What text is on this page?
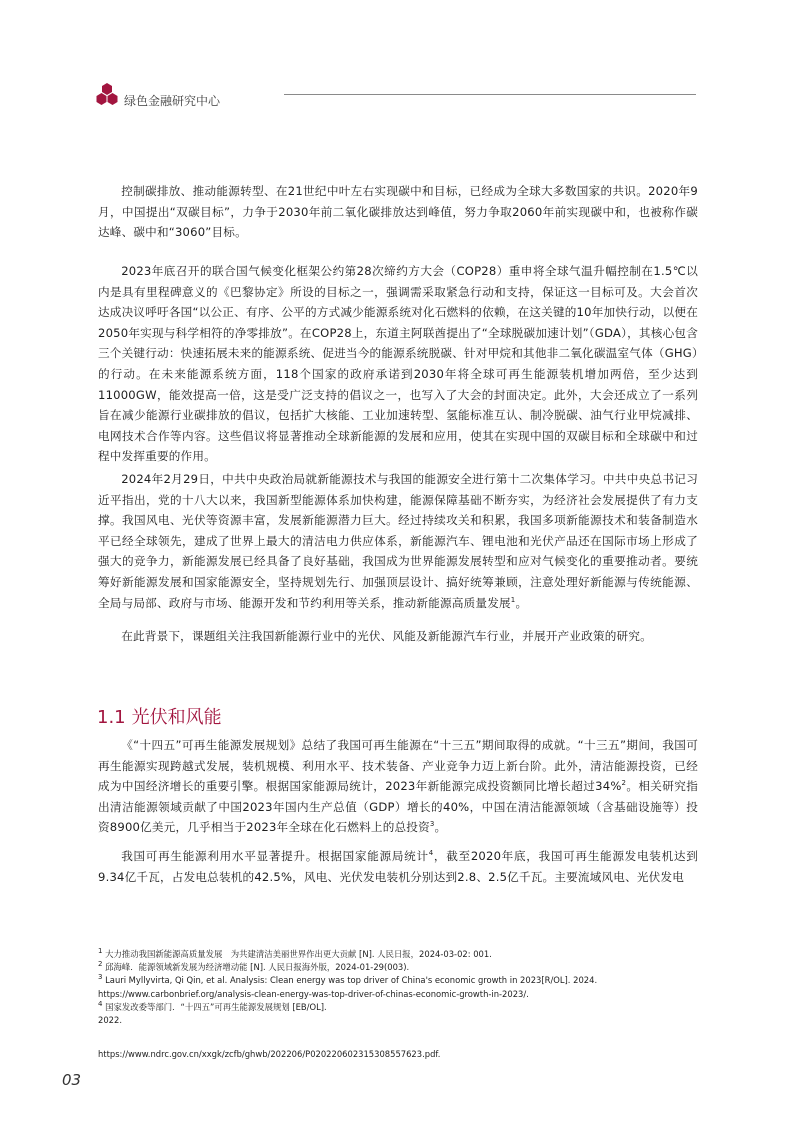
绿色金融研究中心

控制碳排放、推动能源转型、在21世纪中叶左右实现碳中和目标，已经成为全球大多数国家的共识。2020年9月，中国提出“双碳目标”，力争于2030年前二氧化碳排放达到峰值，努力争取2060年前实现碳中和，也被称作碳达峰、碳中和“3060”目标。

2023年底召开的联合国气候变化框架公约第28次缔约方大会（COP28）重申将全球气温升幅控制在1.5℃以内是具有里程碑意义的《巴黎协定》所设的目标之一，强调需采取紧急行动和支持，保证这一目标可及。大会首次达成决议呼吁各国“以公正、有序、公平的方式减少能源系统对化石燃料的依赖，在这关键的10年加快行动，以便在2050年实现与科学相符的净零排放”。在COP28上，东道主阿联酋提出了“全球脱碳加速计划”（GDA），其核心包含三个关键行动：快速拓展未来的能源系统、促进当今的能源系统脱碳、针对甲烷和其他非二氧化碳温室气体（GHG）的行动。在未来能源系统方面，118个国家的政府承诺到2030年将全球可再生能源装机增加两倍，至少达到11000GW，能效提高一倍，这是受广泛支持的倡议之一，也写入了大会的封面决定。此外，大会还成立了一系列旨在减少能源行业碳排放的倡议，包括扩大核能、工业加速转型、氢能标准互认、制冷脱碳、油气行业甲烷减排、电网技术合作等内容。这些倡议将显著推动全球新能源的发展和应用，使其在实现中国的双碳目标和全球碳中和过程中发挥重要的作用。

2024年2月29日，中共中央政治局就新能源技术与我国的能源安全进行第十二次集体学习。中共中央总书记习近平指出，党的十八大以来，我国新型能源体系加快构建，能源保障基础不断夯实，为经济社会发展提供了有力支撑。我国风电、光伏等资源丰富，发展新能源潜力巨大。经过持续攻关和积累，我国多项新能源技术和装备制造水平已经全球领先，建成了世界上最大的清洁电力供应体系，新能源汽车、锂电池和光伏产品还在国际市场上形成了强大的竞争力，新能源发展已经具备了良好基础，我国成为世界能源发展转型和应对气候变化的重要推动者。要统筹好新能源发展和国家能源安全，坚持规划先行、加强顶层设计、搞好统筹兼顾，注意处理好新能源与传统能源、全局与局部、政府与市场、能源开发和节约利用等关系，推动新能源高质量发展$^1$。

在此背景下，课题组关注我国新能源行业中的光伏、风能及新能源汽车行业，并展开产业政策的研究。

1.1 光伏和风能

《“十四五”可再生能源发展规划》总结了我国可再生能源在“十三五”期间取得的成就。“十三五”期间，我国可再生能源实现跨越式发展，装机规模、利用水平、技术装备、产业竞争力迈上新台阶。此外，清洁能源投资，已经成为中国经济增长的重要引擎。根据国家能源局统计，2023年新能源完成投资额同比增长超过34%$^2$。相关研究指出清洁能源领域贡献了中国2023年国内生产总值（GDP）增长的40%，中国在清洁能源领域（含基础设施等）投资8900亿美元，几乎相当于2023年全球在化石燃料上的总投资$^3$。

我国可再生能源利用水平显著提升。根据国家能源局统计$^4$，截至2020年底，我国可再生能源发电装机达到9.34亿千瓦，占发电总装机的42.5%，风电、光伏发电装机分别达到2.8、2.5亿千瓦。主要流域风电、光伏发电

$^1$ 大力推动我国新能源高质量发展　为共建清洁美丽世界作出更大贡献 [N]. 人民日报，2024-03-02: 001.

$^2$ 邱海峰．能源领域新发展为经济增动能 [N]. 人民日报海外版，2024-01-29(003).

$^3$ Lauri Myllyvirta, Qi Qin, et al. Analysis: Clean energy was top driver of China's economic growth in 2023[R/OL]. 2024.

https://www.carbonbrief.org/analysis-clean-energy-was-top-driver-of-chinas-economic-growth-in-2023/.

$^4$ 国家发改委等部门．“十四五”可再生能源发展规划 [EB/OL].

2022.

https://www.ndrc.gov.cn/xxgk/zcfb/ghwb/202206/P020220602315308557623.pdf.

03
